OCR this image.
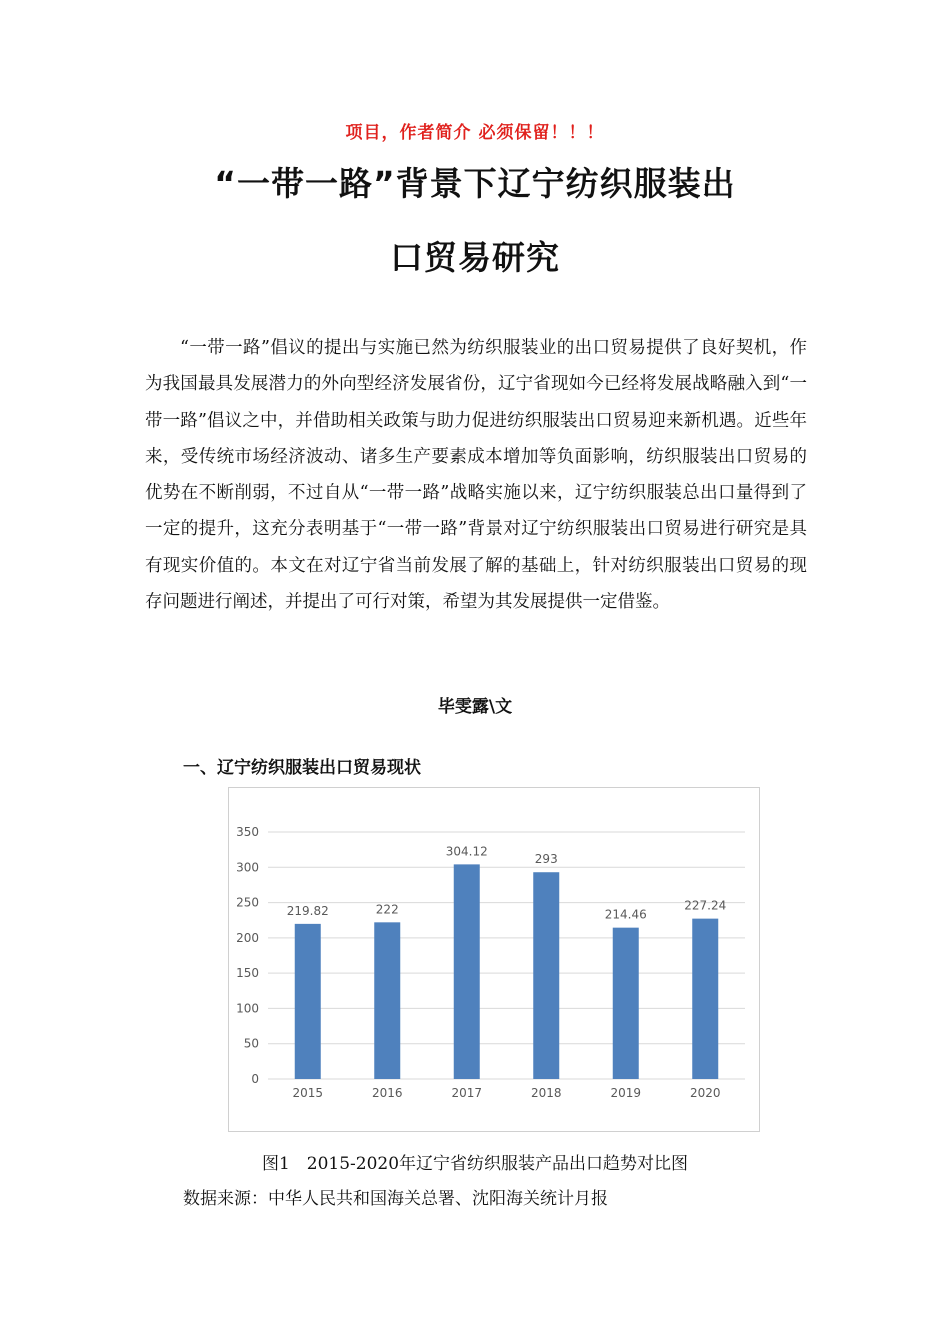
项目，作者简介 必须保留！！！
“一带一路”背景下辽宁纺织服装出
口贸易研究

“一带一路”倡议的提出与实施已然为纺织服装业的出口贸易提供了良好契机，作为我国最具发展潜力的外向型经济发展省份，辽宁省现如今已经将发展战略融入到“一带一路”倡议之中，并借助相关政策与助力促进纺织服装出口贸易迎来新机遇。近些年来，受传统市场经济波动、诸多生产要素成本增加等负面影响，纺织服装出口贸易的优势在不断削弱，不过自从“一带一路”战略实施以来，辽宁纺织服装总出口量得到了一定的提升，这充分表明基于“一带一路”背景对辽宁纺织服装出口贸易进行研究是具有现实价值的。本文在对辽宁省当前发展了解的基础上，针对纺织服装出口贸易的现存问题进行阐述，并提出了可行对策，希望为其发展提供一定借鉴。

毕雯露\文
一、辽宁纺织服装出口贸易现状
0
50
100
150
200
250
300
350
219.82
2015
222
2016
304.12
2017
293
2018
214.46
2019
227.24
2020
图1　2015-2020年辽宁省纺织服装产品出口趋势对比图
数据来源：中华人民共和国海关总署、沈阳海关统计月报
